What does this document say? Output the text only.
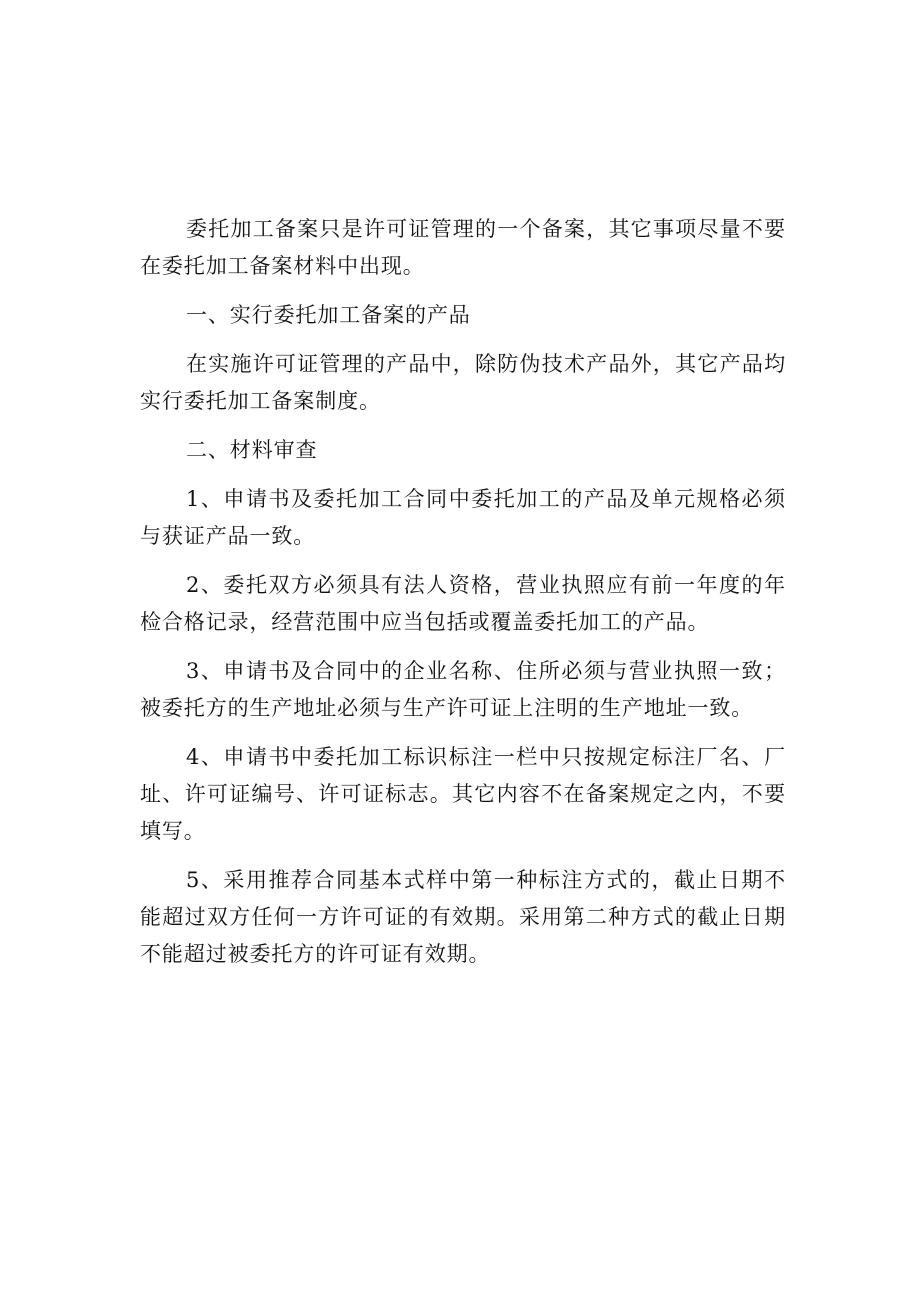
委托加工备案只是许可证管理的一个备案，其它事项尽量不要在委托加工备案材料中出现。

一、实行委托加工备案的产品

在实施许可证管理的产品中，除防伪技术产品外，其它产品均实行委托加工备案制度。

二、材料审查

1、申请书及委托加工合同中委托加工的产品及单元规格必须与获证产品一致。

2、委托双方必须具有法人资格，营业执照应有前一年度的年检合格记录，经营范围中应当包括或覆盖委托加工的产品。

3、申请书及合同中的企业名称、住所必须与营业执照一致；被委托方的生产地址必须与生产许可证上注明的生产地址一致。

4、申请书中委托加工标识标注一栏中只按规定标注厂名、厂址、许可证编号、许可证标志。其它内容不在备案规定之内，不要填写。

5、采用推荐合同基本式样中第一种标注方式的，截止日期不能超过双方任何一方许可证的有效期。采用第二种方式的截止日期不能超过被委托方的许可证有效期。
